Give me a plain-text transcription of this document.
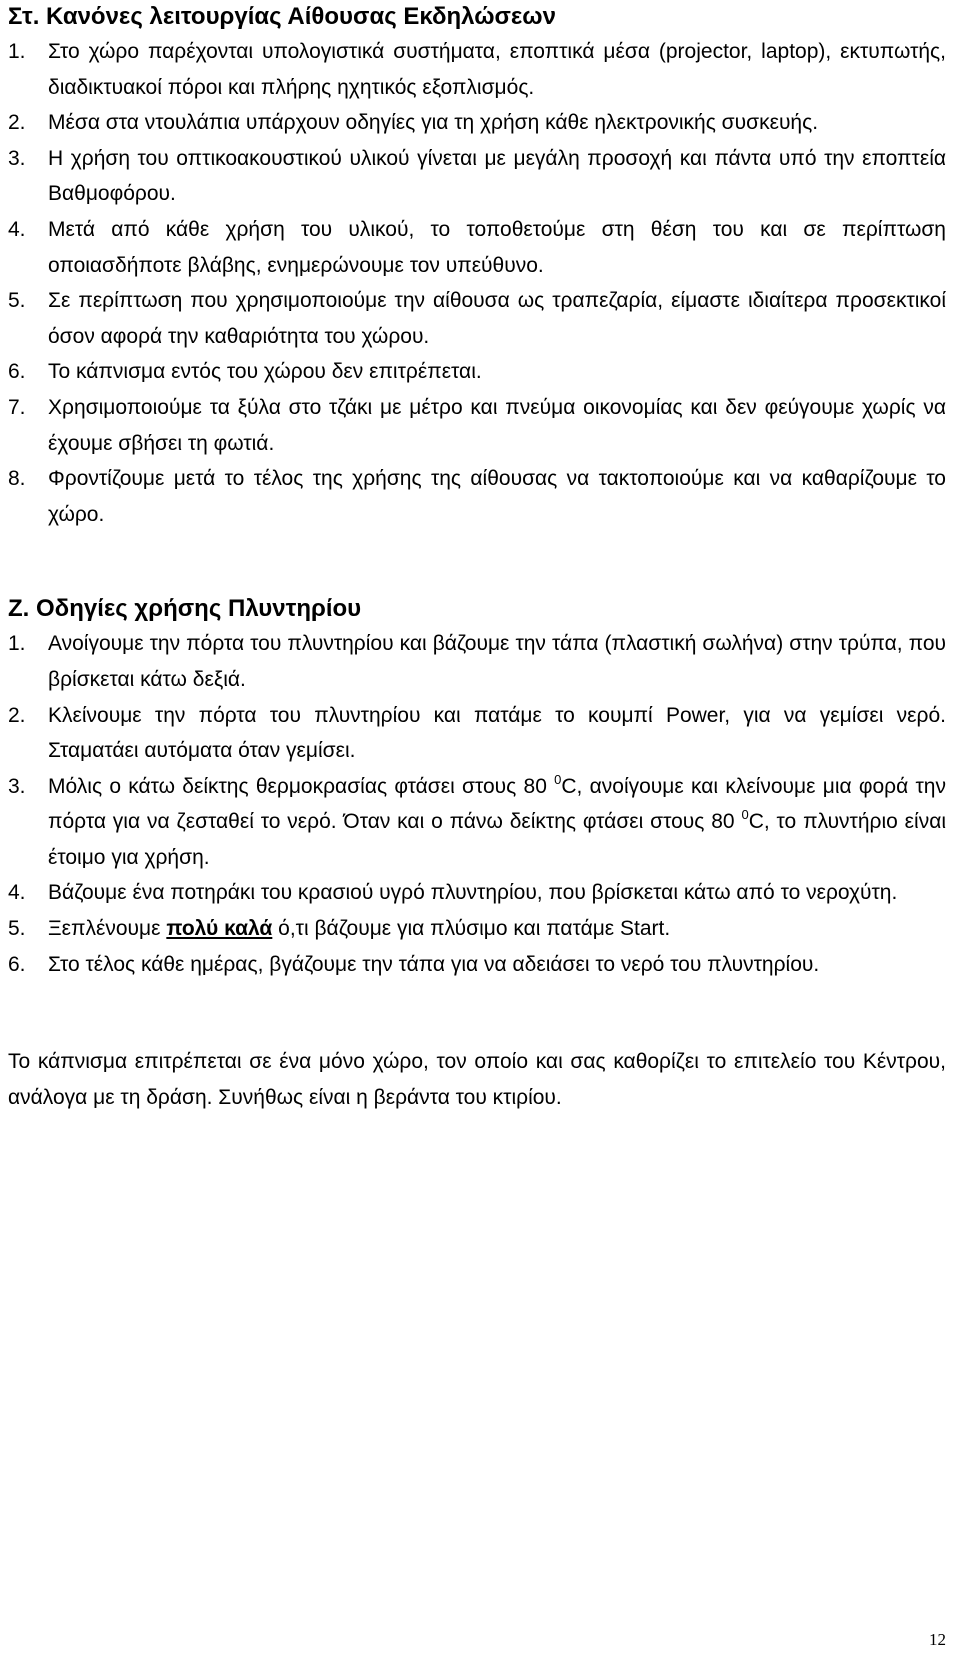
Στ. Κανόνες λειτουργίας Αίθουσας Εκδηλώσεων
1.	Στο χώρο παρέχονται υπολογιστικά συστήματα, εποπτικά μέσα (projector, laptop), εκτυπωτής, διαδικτυακοί πόροι και πλήρης ηχητικός εξοπλισμός.
2.	Μέσα στα ντουλάπια υπάρχουν οδηγίες για τη χρήση κάθε ηλεκτρονικής συσκευής.
3.	Η χρήση του οπτικοακουστικού υλικού γίνεται με μεγάλη προσοχή και πάντα υπό την εποπτεία Βαθμοφόρου.
4.	Μετά από κάθε χρήση του υλικού, το τοποθετούμε στη θέση του και σε περίπτωση οποιασδήποτε βλάβης, ενημερώνουμε τον υπεύθυνο.
5.	Σε περίπτωση που χρησιμοποιούμε την αίθουσα ως τραπεζαρία, είμαστε ιδιαίτερα προσεκτικοί όσον αφορά την καθαριότητα του χώρου.
6.	Το κάπνισμα εντός του χώρου δεν επιτρέπεται.
7.	Χρησιμοποιούμε τα ξύλα στο τζάκι με μέτρο και πνεύμα οικονομίας και δεν φεύγουμε χωρίς να έχουμε σβήσει τη φωτιά.
8.	Φροντίζουμε μετά το τέλος της χρήσης της αίθουσας να τακτοποιούμε και να καθαρίζουμε το χώρο.
Ζ. Οδηγίες χρήσης Πλυντηρίου
1.	Ανοίγουμε την πόρτα του πλυντηρίου και βάζουμε την τάπα (πλαστική σωλήνα) στην τρύπα, που βρίσκεται κάτω δεξιά.
2.	Κλείνουμε την πόρτα του πλυντηρίου και πατάμε το κουμπί Power, για να γεμίσει νερό. Σταματάει αυτόματα όταν γεμίσει.
3.	Μόλις ο κάτω δείκτης θερμοκρασίας φτάσει στους 80 $^0$C, ανοίγουμε και κλείνουμε μια φορά την πόρτα για να ζεσταθεί το νερό. Όταν και ο πάνω δείκτης φτάσει στους 80 $^0$C, το πλυντήριο είναι έτοιμο για χρήση.
4.	Βάζουμε ένα ποτηράκι του κρασιού υγρό πλυντηρίου, που βρίσκεται κάτω από το νεροχύτη.
5.	Ξεπλένουμε πολύ καλά ό,τι βάζουμε για πλύσιμο και πατάμε Start.
6.	Στο τέλος κάθε ημέρας, βγάζουμε την τάπα για να αδειάσει το νερό του πλυντηρίου.

Το κάπνισμα επιτρέπεται σε ένα μόνο χώρο, τον οποίο και σας καθορίζει το επιτελείο του Κέντρου, ανάλογα με τη δράση. Συνήθως είναι η βεράντα του κτιρίου.

12
